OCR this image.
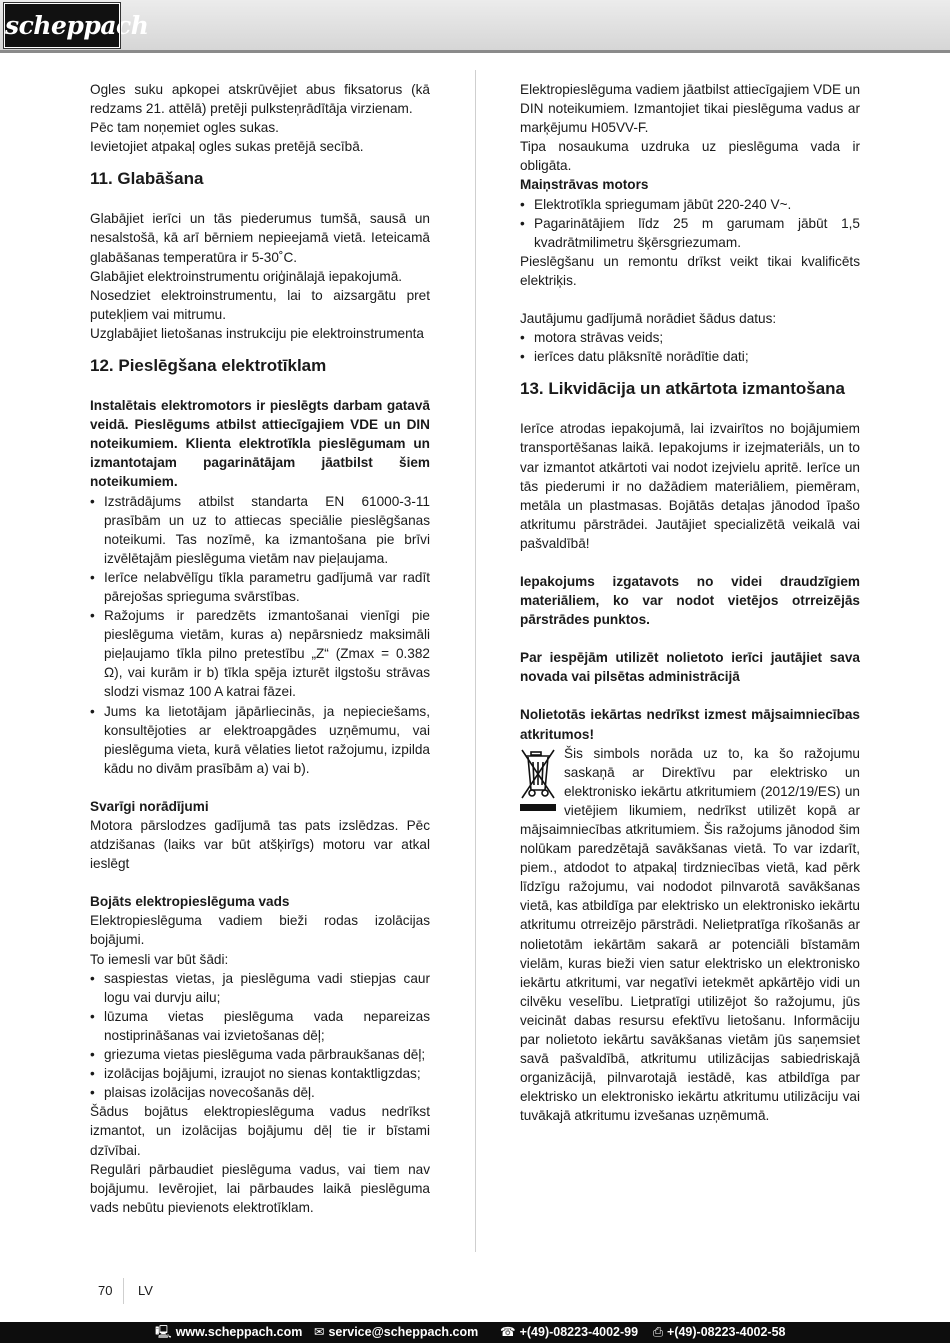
scheppach

Ogles suku apkopei atskrūvējiet abus fiksatorus (kā redzams 21. attēlā) pretēji pulksteņrādītāja virzienam.

Pēc tam noņemiet ogles sukas.

Ievietojiet atpakaļ ogles sukas pretējā secībā.

11. Glabāšana

Glabājiet ierīci un tās piederumus tumšā, sausā un nesalstošā, kā arī bērniem nepieejamā vietā. Ieteicamā glabāšanas temperatūra ir 5-30˚C.

Glabājiet elektroinstrumentu oriģinālajā iepakojumā.

Nosedziet elektroinstrumentu, lai to aizsargātu pret putekļiem vai mitrumu.

Uzglabājiet lietošanas instrukciju pie elektroinstrumenta

12. Pieslēgšana elektrotīklam

Instalētais elektromotors ir pieslēgts darbam gatavā veidā. Pieslēgums atbilst attiecīgajiem VDE un DIN noteikumiem. Klienta elektrotīkla pieslēgumam un izmantotajam pagarinātājam jāatbilst šiem noteikumiem.

• Izstrādājums atbilst standarta EN 61000-3-11 prasībām un uz to attiecas speciālie pieslēgšanas noteikumi. Tas nozīmē, ka izmantošana pie brīvi izvēlētajām pieslēguma vietām nav pieļaujama.
• Ierīce nelabvēlīgu tīkla parametru gadījumā var radīt pārejošas sprieguma svārstības.
• Ražojums ir paredzēts izmantošanai vienīgi pie pieslēguma vietām, kuras a) nepārsniedz maksimāli pieļaujamo tīkla pilno pretestību „Z“ (Zmax = 0.382 Ω), vai kurām ir b) tīkla spēja izturēt ilgstošu strāvas slodzi vismaz 100 A katrai fāzei.
• Jums ka lietotājam jāpārliecinās, ja nepieciešams, konsultējoties ar elektroapgādes uzņēmumu, vai pieslēguma vieta, kurā vēlaties lietot ražojumu, izpilda kādu no divām prasībām a) vai b).

Svarīgi norādījumi

Motora pārslodzes gadījumā tas pats izslēdzas. Pēc atdzišanas (laiks var būt atšķirīgs) motoru var atkal ieslēgt

Bojāts elektropieslēguma vads

Elektropieslēguma vadiem bieži rodas izolācijas bojājumi.

To iemesli var būt šādi:

• saspiestas vietas, ja pieslēguma vadi stiepjas caur logu vai durvju ailu;
• lūzuma vietas pieslēguma vada nepareizas nostiprināšanas vai izvietošanas dēļ;
• griezuma vietas pieslēguma vada pārbraukšanas dēļ;
• izolācijas bojājumi, izraujot no sienas kontaktligzdas;
• plaisas izolācijas novecošanās dēļ.

Šādus bojātus elektropieslēguma vadus nedrīkst izmantot, un izolācijas bojājumu dēļ tie ir bīstami dzīvībai.

Regulāri pārbaudiet pieslēguma vadus, vai tiem nav bojājumu. Ievērojiet, lai pārbaudes laikā pieslēguma vads nebūtu pievienots elektrotīklam.

Elektropieslēguma vadiem jāatbilst attiecīgajiem VDE un DIN noteikumiem. Izmantojiet tikai pieslēguma vadus ar marķējumu H05VV-F.

Tipa nosaukuma uzdruka uz pieslēguma vada ir obligāta.

Maiņstrāvas motors

• Elektrotīkla spriegumam jābūt 220-240 V~.
• Pagarinātājiem līdz 25 m garumam jābūt 1,5 kvadrātmilimetru šķērsgriezumam.

Pieslēgšanu un remontu drīkst veikt tikai kvalificēts elektriķis.

Jautājumu gadījumā norādiet šādus datus:

• motora strāvas veids;
• ierīces datu plāksnītē norādītie dati;
13. Likvidācija un atkārtota izmantošana

Ierīce atrodas iepakojumā, lai izvairītos no bojājumiem transportēšanas laikā. Iepakojums ir izejmateriāls, un to var izmantot atkārtoti vai nodot izejvielu apritē. Ierīce un tās piederumi ir no dažādiem materiāliem, piemēram, metāla un plastmasas. Bojātās detaļas jānodod īpašo atkritumu pārstrādei. Jautājiet specializētā veikalā vai pašvaldībā!

Iepakojums izgatavots no videi draudzīgiem materiāliem, ko var nodot vietējos otrreizējās pārstrādes punktos.

Par iespējām utilizēt nolietoto ierīci jautājiet sava novada vai pilsētas administrācijā

Nolietotās iekārtas nedrīkst izmest mājsaimniecības atkritumos!

Šis simbols norāda uz to, ka šo ražojumu saskaņā ar Direktīvu par elektrisko un elektronisko iekārtu atkritumiem (2012/19/ES) un vietējiem likumiem, nedrīkst utilizēt kopā ar mājsaimniecības atkritumiem. Šis ražojums jānodod šim nolūkam paredzētajā savākšanas vietā. To var izdarīt, piem., atdodot to atpakaļ tirdzniecības vietā, kad pērk līdzīgu ražojumu, vai nododot pilnvarotā savākšanas vietā, kas atbildīga par elektrisko un elektronisko iekārtu atkritumu otrreizējo pārstrādi. Nelietpratīga rīkošanās ar nolietotām iekārtām sakarā ar potenciāli bīstamām vielām, kuras bieži vien satur elektrisko un elektronisko iekārtu atkritumi, var negatīvi ietekmēt apkārtējo vidi un cilvēku veselību. Lietpratīgi utilizējot šo ražojumu, jūs veicināt dabas resursu efektīvu lietošanu. Informāciju par nolietoto iekārtu savākšanas vietām jūs saņemsiet savā pašvaldībā, atkritumu utilizācijas sabiedriskajā organizācijā, pilnvarotajā iestādē, kas atbildīga par elektrisko un elektronisko iekārtu atkritumu utilizāciju vai tuvākajā atkritumu izvešanas uzņēmumā.

70 LV
🖳 www.scheppach.com ✉ service@scheppach.com ☎ +(49)-08223-4002-99 ⎙ +(49)-08223-4002-58
